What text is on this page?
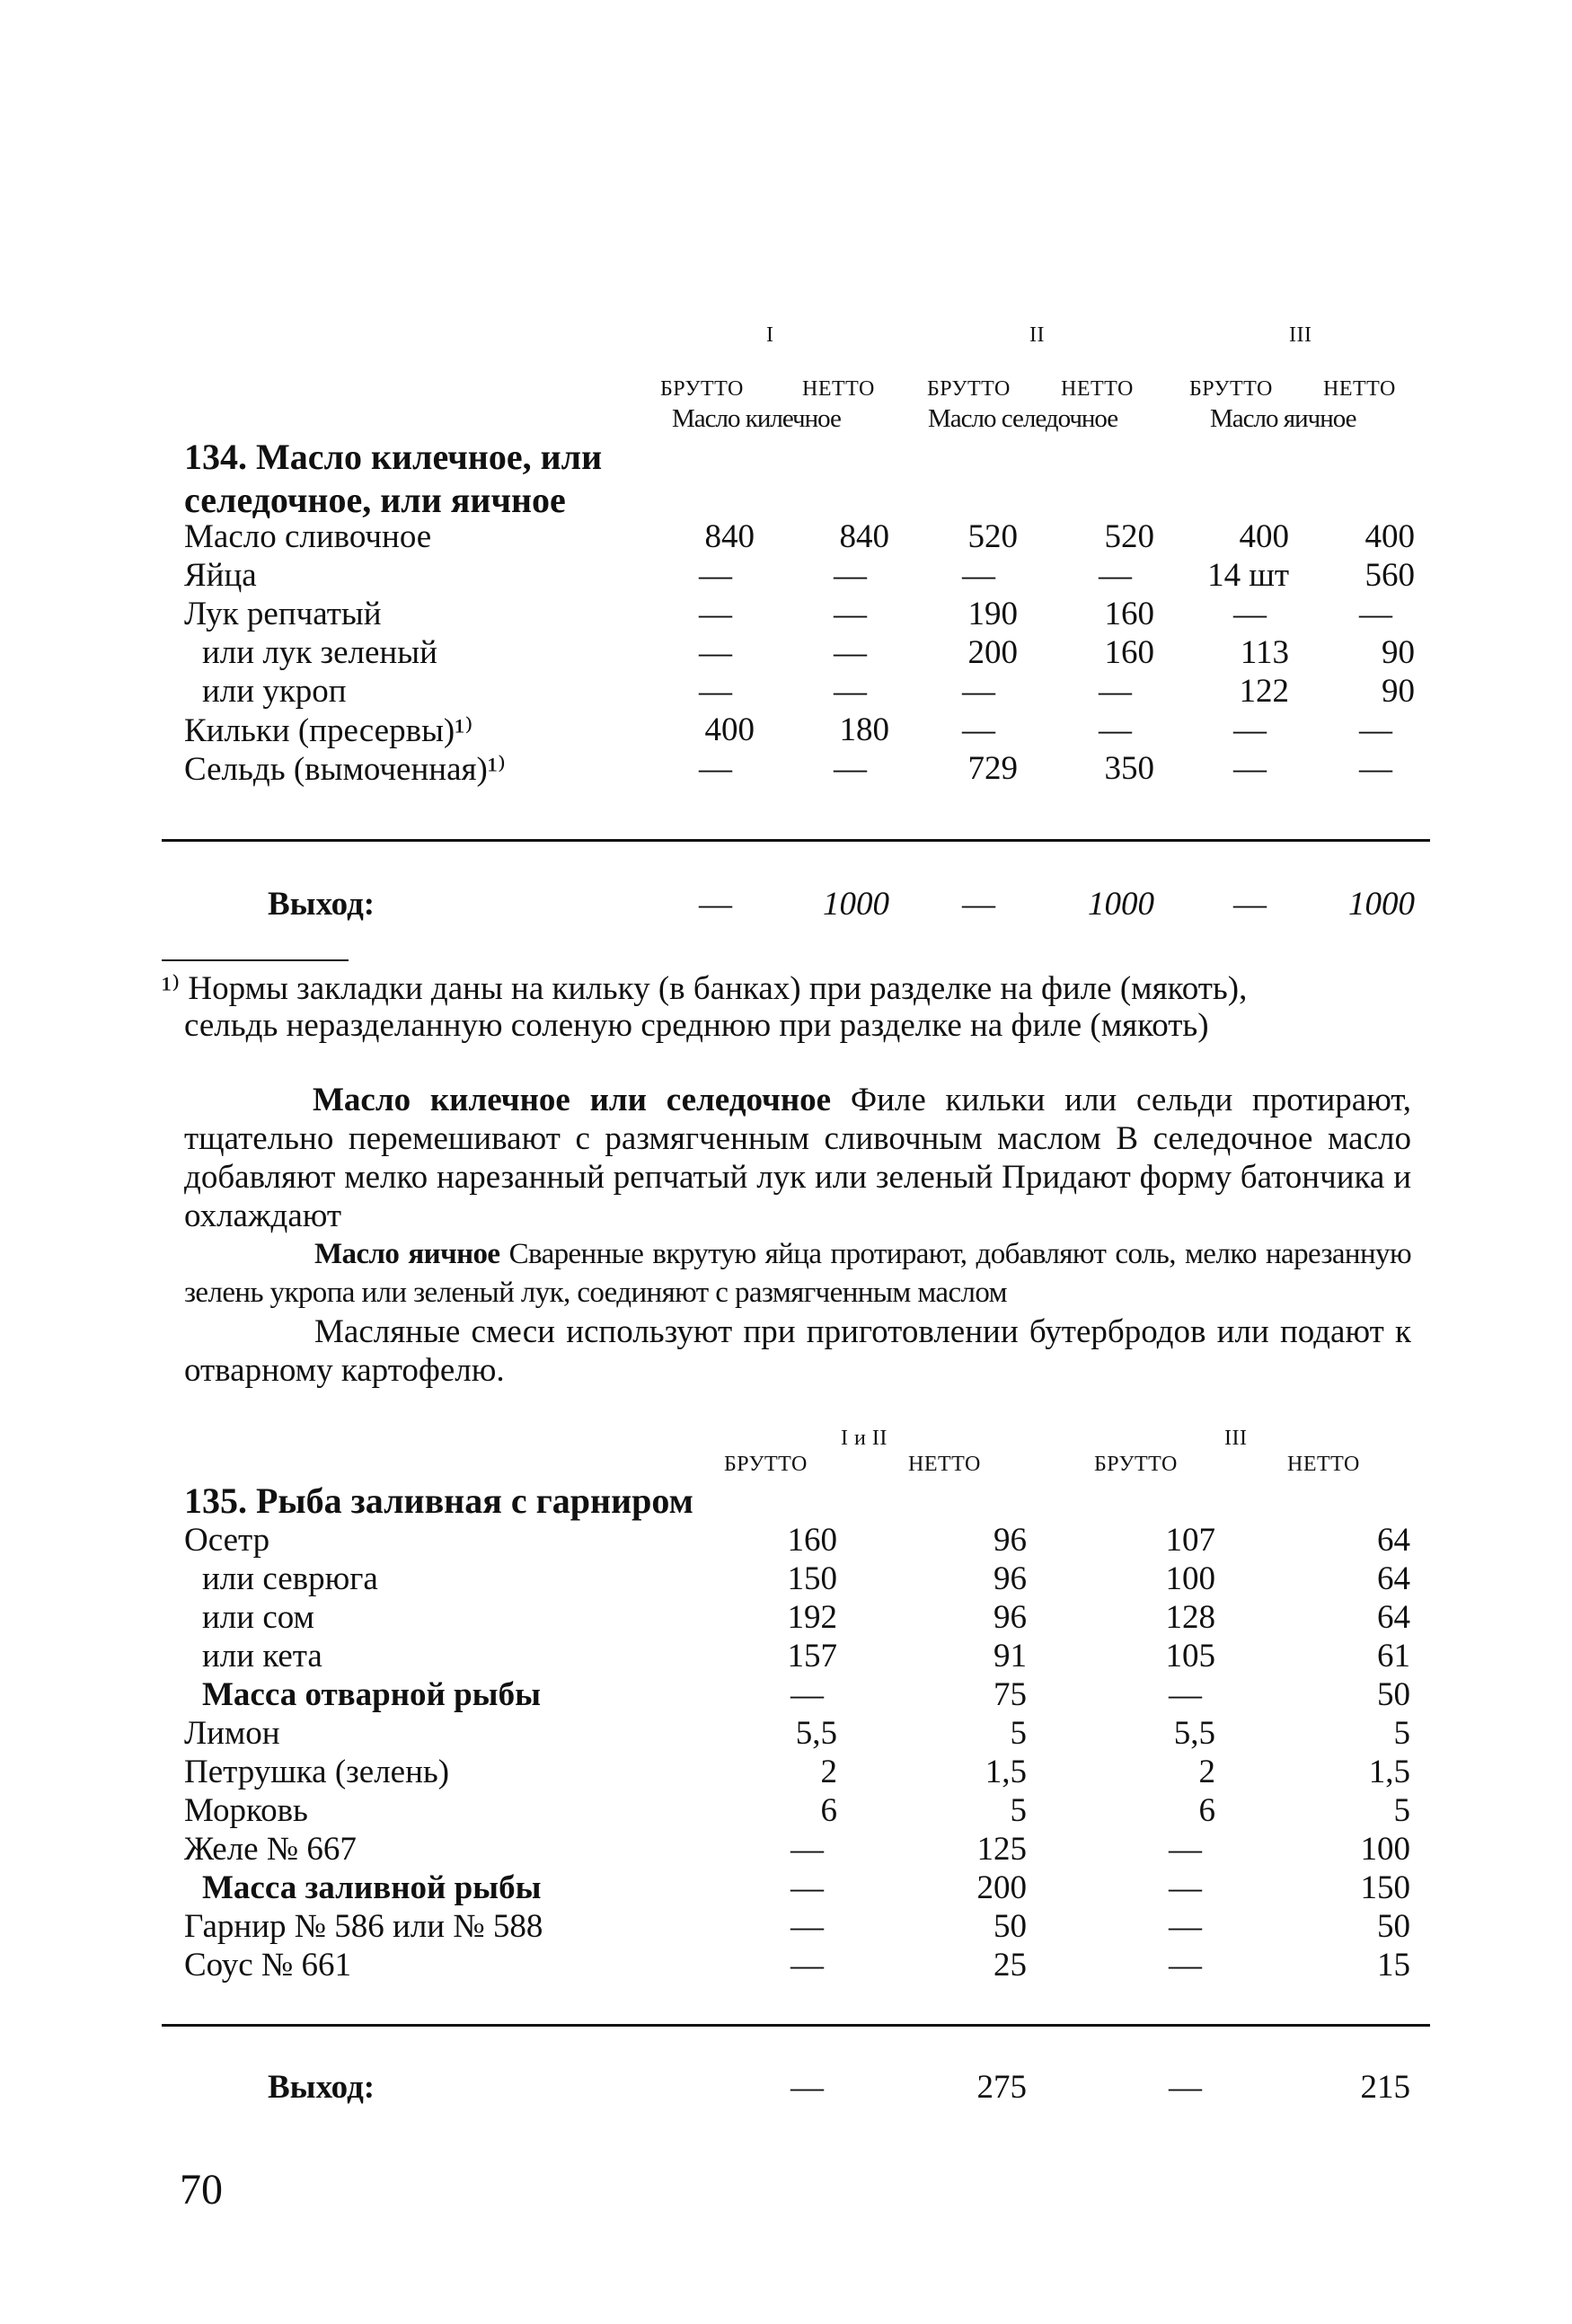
I	II	III
БРУТТО	НЕТТО БРУТТО НЕТТО	БРУТТО НЕТТО
Масло килечное	Масло селедочное	Масло яичное
134. Масло килечное, или
селедочное, или яичное
Масло сливочное	840	840	520	520	400	400
Яйца	—	—	—	—	14 шт	560
Лук репчатый	—	—	190	160	—	—
или лук зеленый	—	—	200	160	113	90
или укроп	—	—	—	—	122	90
Кильки (пресервы)¹⁾	400	180	—	—	—	—
Сельдь (вымоченная)¹⁾	—	—	729	350	—	—
Выход:	—	1000	—	1000	—	1000
¹⁾ Нормы закладки даны на кильку (в банках) при разделке на филе (мякоть),
сельдь неразделанную соленую среднюю при разделке на филе (мякоть)
Масло килечное или селедочное Филе кильки или сельди протирают, тщательно перемешивают с размягченным сливочным маслом В селедочное масло добавляют мелко нарезанный репчатый лук или зеленый Придают форму батончика и охлаждают
Масло яичное Сваренные вкрутую яйца протирают, добавляют соль, мелко нарезанную зелень укропа или зеленый лук, соединяют с размягченным маслом
Масляные смеси используют при приготовлении бутербродов или подают к отварному картофелю.
I и II	III
БРУТТО	НЕТТО	БРУТТО	НЕТТО
135. Рыба заливная с гарниром
Осетр	160	96	107	64
или севрюга	150	96	100	64
или сом	192	96	128	64
или кета	157	91	105	61
Масса отварной рыбы	—	75	—	50
Лимон	5,5	5	5,5	5
Петрушка (зелень)	2	1,5	2	1,5
Морковь	6	5	6	5
Желе № 667	—	125	—	100
Масса заливной рыбы	—	200	—	150
Гарнир № 586 или № 588	—	50	—	50
Соус № 661	—	25	—	15
Выход:	—	275	—	215
70
